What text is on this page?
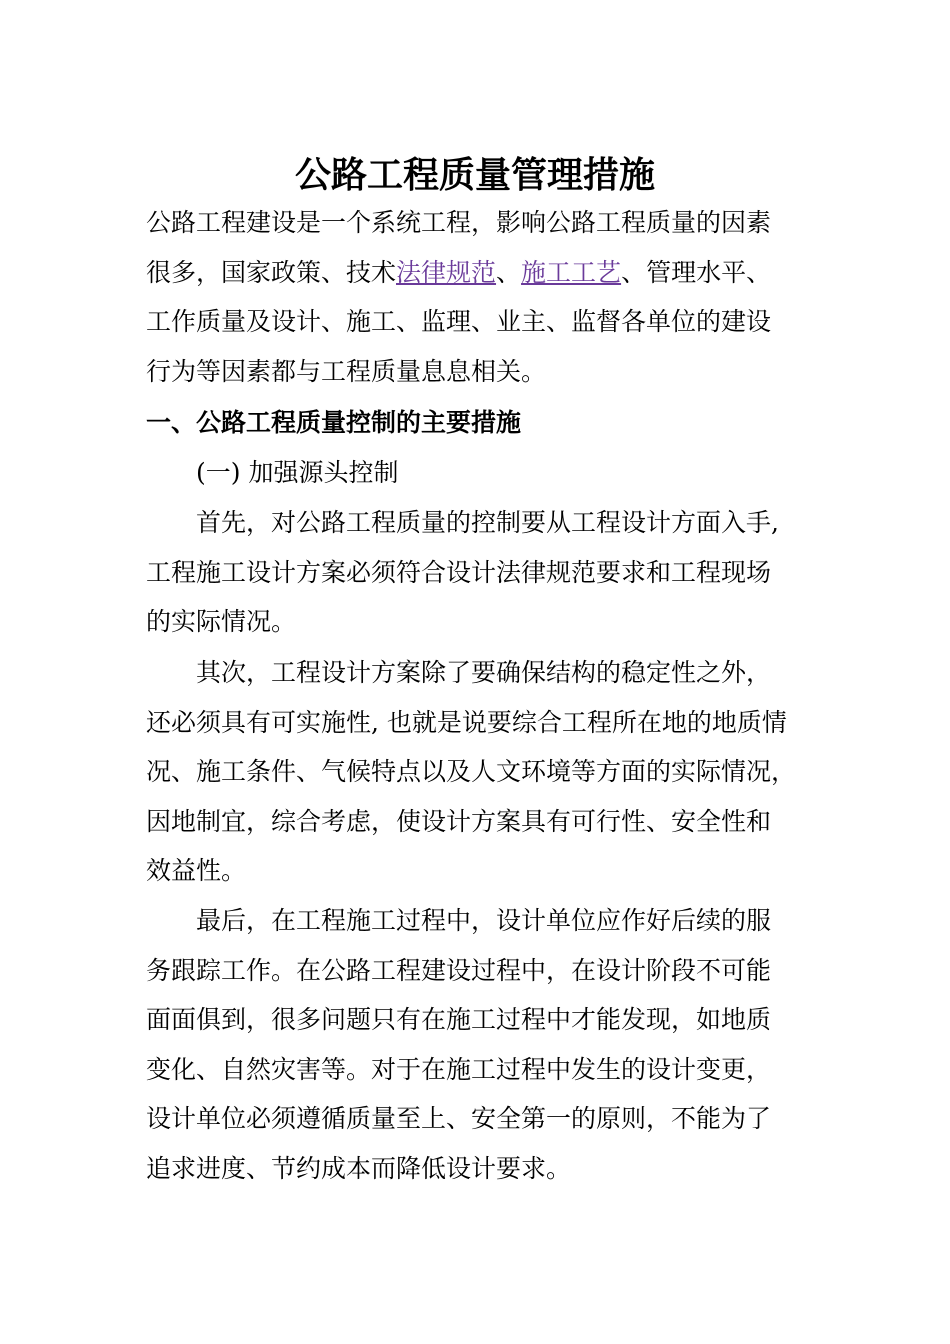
公路工程质量管理措施
公路工程建设是一个系统工程，影响公路工程质量的因素
很多，国家政策、技术法律规范、施工工艺、管理水平、
工作质量及设计、施工、监理、业主、监督各单位的建设
行为等因素都与工程质量息息相关。
一、公路工程质量控制的主要措施
(一) 加强源头控制
首先，对公路工程质量的控制要从工程设计方面入手,
工程施工设计方案必须符合设计法律规范要求和工程现场
的实际情况。
其次，工程设计方案除了要确保结构的稳定性之外，
还必须具有可实施性, 也就是说要综合工程所在地的地质情
况、施工条件、气候特点以及人文环境等方面的实际情况，
因地制宜，综合考虑，使设计方案具有可行性、安全性和
效益性。
最后，在工程施工过程中，设计单位应作好后续的服
务跟踪工作。在公路工程建设过程中，在设计阶段不可能
面面俱到，很多问题只有在施工过程中才能发现，如地质
变化、自然灾害等。对于在施工过程中发生的设计变更，
设计单位必须遵循质量至上、安全第一的原则，不能为了
追求进度、节约成本而降低设计要求。
